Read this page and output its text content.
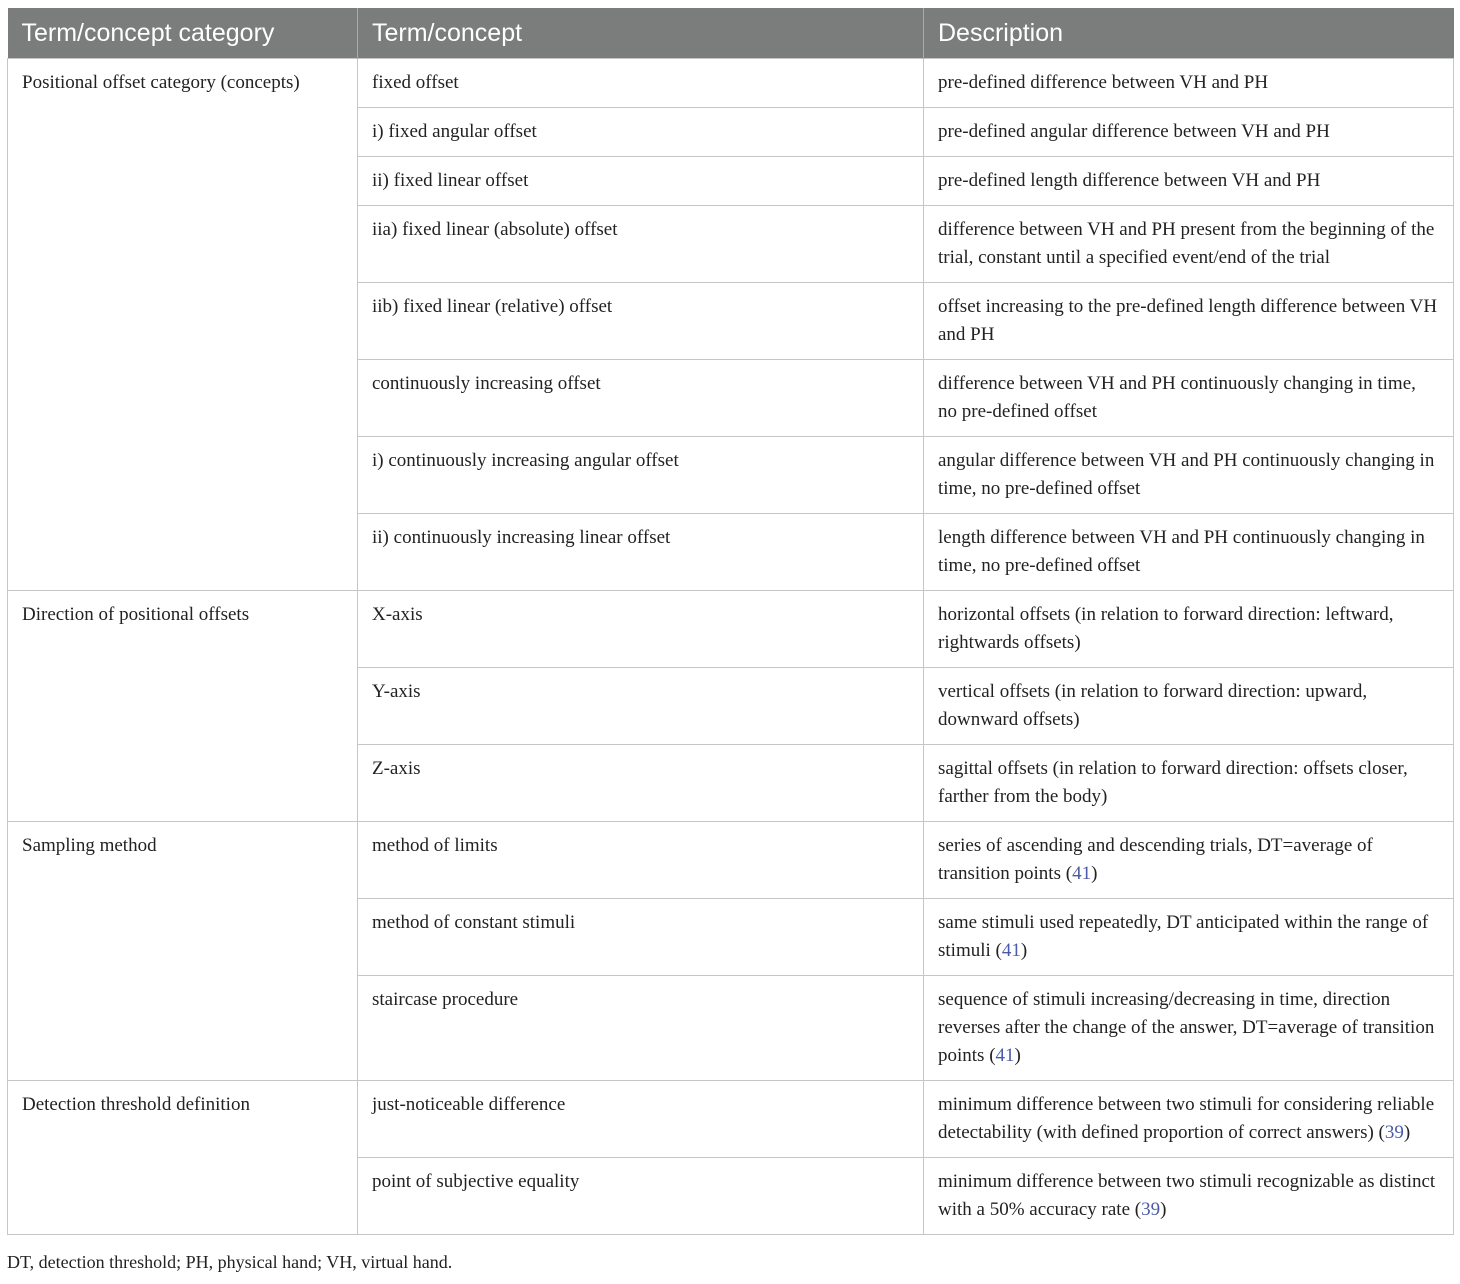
Term/concept category	Term/concept	Description
Positional offset category (concepts)	fixed offset	pre-defined difference between VH and PH
	i) fixed angular offset	pre-defined angular difference between VH and PH
	ii) fixed linear offset	pre-defined length difference between VH and PH
	iia) fixed linear (absolute) offset	difference between VH and PH present from the beginning of the trial, constant until a specified event/end of the trial
	iib) fixed linear (relative) offset	offset increasing to the pre-defined length difference between VH and PH
	continuously increasing offset	difference between VH and PH continuously changing in time, no pre-defined offset
	i) continuously increasing angular offset	angular difference between VH and PH continuously changing in time, no pre-defined offset
	ii) continuously increasing linear offset	length difference between VH and PH continuously changing in time, no pre-defined offset
Direction of positional offsets	X-axis	horizontal offsets (in relation to forward direction: leftward, rightwards offsets)
	Y-axis	vertical offsets (in relation to forward direction: upward, downward offsets)
	Z-axis	sagittal offsets (in relation to forward direction: offsets closer, farther from the body)
Sampling method	method of limits	series of ascending and descending trials, DT=average of transition points (41)
	method of constant stimuli	same stimuli used repeatedly, DT anticipated within the range of stimuli (41)
	staircase procedure	sequence of stimuli increasing/decreasing in time, direction reverses after the change of the answer, DT=average of transition points (41)
Detection threshold definition	just-noticeable difference	minimum difference between two stimuli for considering reliable detectability (with defined proportion of correct answers) (39)
	point of subjective equality	minimum difference between two stimuli recognizable as distinct with a 50% accuracy rate (39)
DT, detection threshold; PH, physical hand; VH, virtual hand.
